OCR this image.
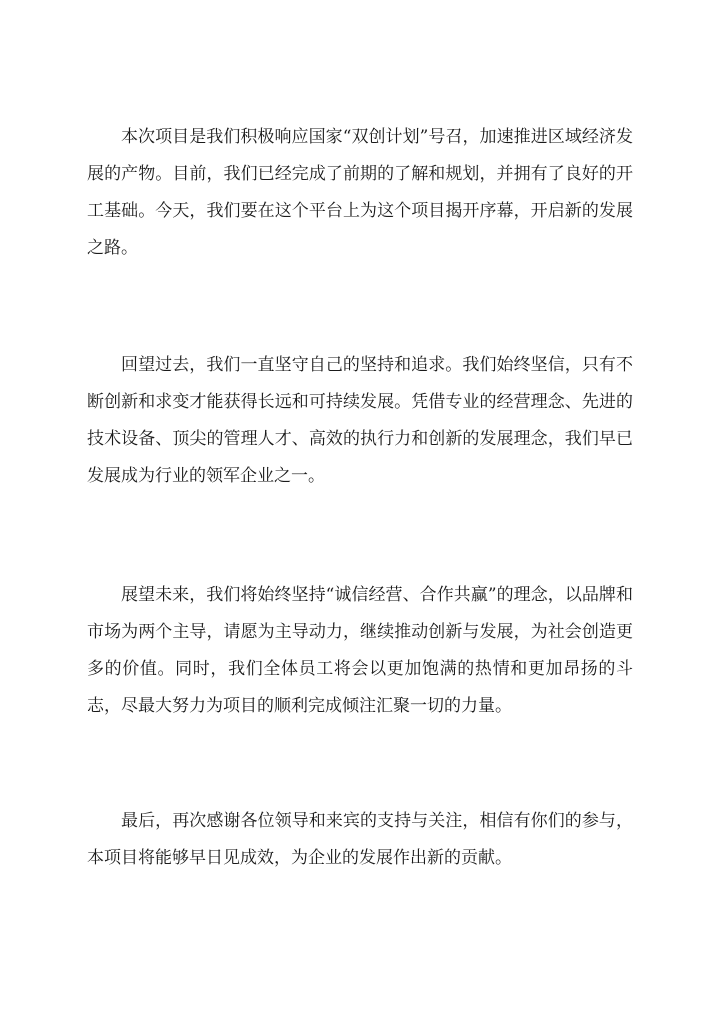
本次项目是我们积极响应国家“双创计划”号召，加速推进区域经济发展的产物。目前，我们已经完成了前期的了解和规划，并拥有了良好的开工基础。今天，我们要在这个平台上为这个项目揭开序幕，开启新的发展之路。

回望过去，我们一直坚守自己的坚持和追求。我们始终坚信，只有不断创新和求变才能获得长远和可持续发展。凭借专业的经营理念、先进的技术设备、顶尖的管理人才、高效的执行力和创新的发展理念，我们早已发展成为行业的领军企业之一。

展望未来，我们将始终坚持“诚信经营、合作共赢”的理念，以品牌和市场为两个主导，请愿为主导动力，继续推动创新与发展，为社会创造更多的价值。同时，我们全体员工将会以更加饱满的热情和更加昂扬的斗志，尽最大努力为项目的顺利完成倾注汇聚一切的力量。

最后，再次感谢各位领导和来宾的支持与关注，相信有你们的参与，本项目将能够早日见成效，为企业的发展作出新的贡献。
